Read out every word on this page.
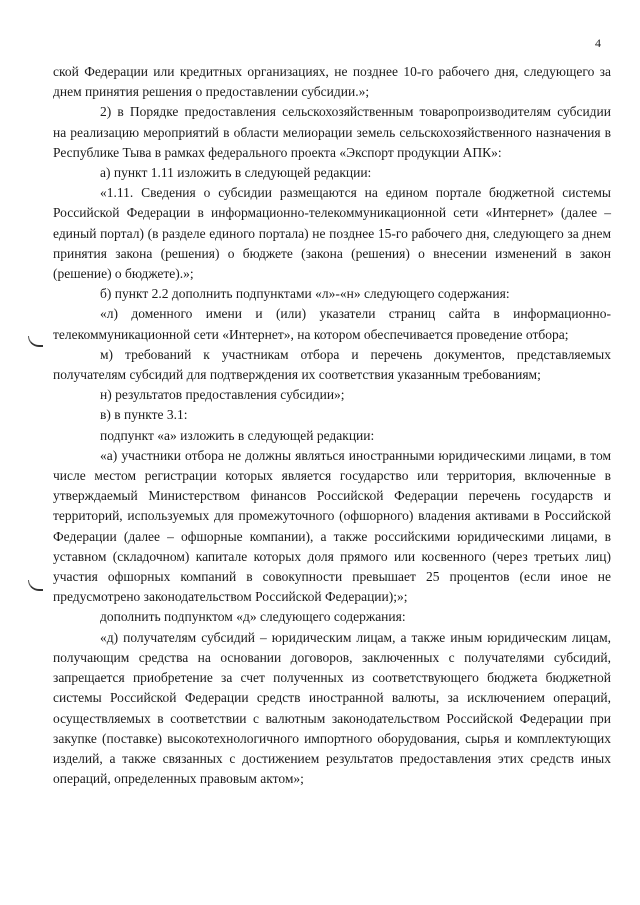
4

ской Федерации или кредитных организациях, не позднее 10-го рабочего дня, следующего за днем принятия решения о предоставлении субсидии.»;

2) в Порядке предоставления сельскохозяйственным товаропроизводителям субсидии на реализацию мероприятий в области мелиорации земель сельскохозяйственного назначения в Республике Тыва в рамках федерального проекта «Экспорт продукции АПК»:

а) пункт 1.11 изложить в следующей редакции:

«1.11. Сведения о субсидии размещаются на едином портале бюджетной системы Российской Федерации в информационно-телекоммуникационной сети «Интернет» (далее – единый портал) (в разделе единого портала) не позднее 15-го рабочего дня, следующего за днем принятия закона (решения) о бюджете (закона (решения) о внесении изменений в закон (решение) о бюджете).»;

б) пункт 2.2 дополнить подпунктами «л»-«н» следующего содержания:

«л) доменного имени и (или) указатели страниц сайта в информационно-телекоммуникационной сети «Интернет», на котором обеспечивается проведение отбора;

м) требований к участникам отбора и перечень документов, представляемых получателям субсидий для подтверждения их соответствия указанным требованиям;

н) результатов предоставления субсидии»;

в) в пункте 3.1:

подпункт «а» изложить в следующей редакции:

«а) участники отбора не должны являться иностранными юридическими лицами, в том числе местом регистрации которых является государство или территория, включенные в утверждаемый Министерством финансов Российской Федерации перечень государств и территорий, используемых для промежуточного (офшорного) владения активами в Российской Федерации (далее – офшорные компании), а также российскими юридическими лицами, в уставном (складочном) капитале которых доля прямого или косвенного (через третьих лиц) участия офшорных компаний в совокупности превышает 25 процентов (если иное не предусмотрено законодательством Российской Федерации);»;

дополнить подпунктом «д» следующего содержания:

«д) получателям субсидий – юридическим лицам, а также иным юридическим лицам, получающим средства на основании договоров, заключенных с получателями субсидий, запрещается приобретение за счет полученных из соответствующего бюджета бюджетной системы Российской Федерации средств иностранной валюты, за исключением операций, осуществляемых в соответствии с валютным законодательством Российской Федерации при закупке (поставке) высокотехнологичного импортного оборудования, сырья и комплектующих изделий, а также связанных с достижением результатов предоставления этих средств иных операций, определенных правовым актом»;
